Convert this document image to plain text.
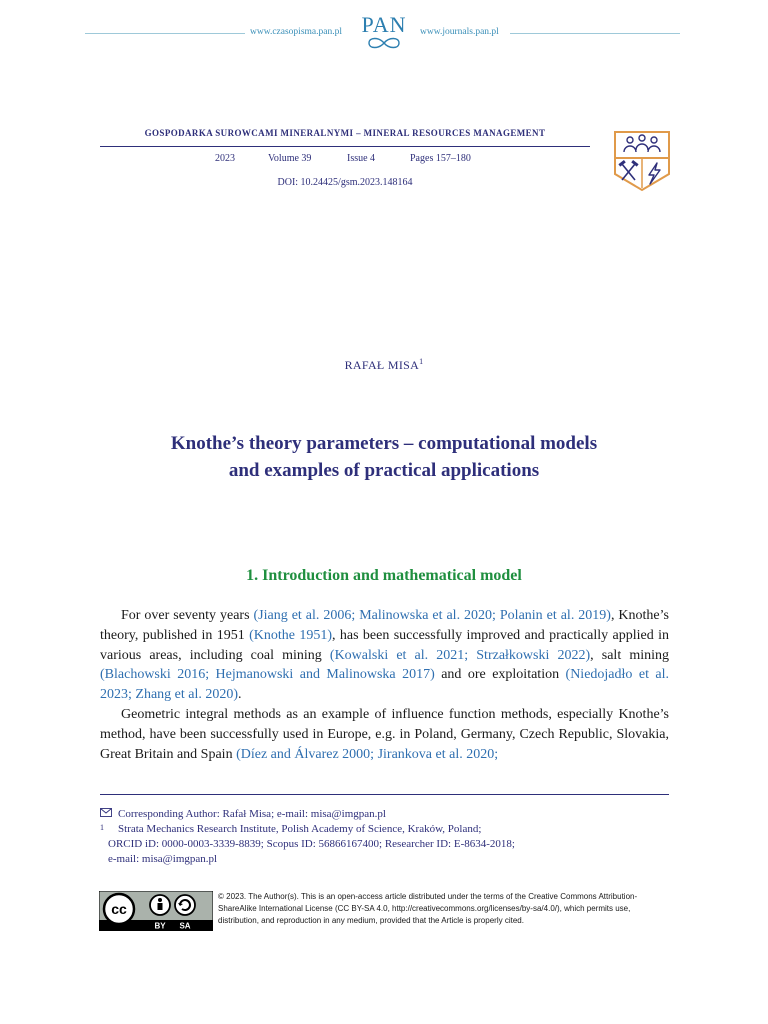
www.czasopisma.pan.pl PAN	www.journals.pan.pl
GOSPODARKA SUROWCAMI MINERALNYMI – MINERAL RESOURCES MANAGEMENT
2023	Volume 39	Issue 4	Pages 157–180
DOI: 10.24425/gsm.2023.148164
RAFAŁ MISA$^1$
Knothe’s theory parameters – computational models
and examples of practical applications
1. Introduction and mathematical model

For over seventy years (Jiang et al. 2006; Malinowska et al. 2020; Polanin et al. 2019), Knothe’s theory, published in 1951 (Knothe 1951), has been successfully improved and practically applied in various areas, including coal mining (Kowalski et al. 2021; Strzałkowski 2022), salt mining (Blachowski 2016; Hejmanowski and Malinowska 2017) and ore exploitation (Niedojadło et al. 2023; Zhang et al. 2020).

Geometric integral methods as an example of influence function methods, especially Knothe’s method, have been successfully used in Europe, e.g. in Poland, Germany, Czech Republic, Slovakia, Great Britain and Spain (Díez and Álvarez 2000; Jirankova et al. 2020;

Corresponding Author: Rafał Misa; e-mail: misa@imgpan.pl
1	Strata Mechanics Research Institute, Polish Academy of Science, Kraków, Poland;
ORCID iD: 0000-0003-3339-8839; Scopus ID: 56866167400; Researcher ID: E-8634-2018;
e-mail: misa@imgpan.pl
cc
BY SA
© 2023. The Author(s). This is an open-access article distributed under the terms of the Creative Commons Attribution-ShareAlike International License (CC BY-SA 4.0, http://creativecommons.org/licenses/by-sa/4.0/), which permits use, distribution, and reproduction in any medium, provided that the Article is properly cited.
